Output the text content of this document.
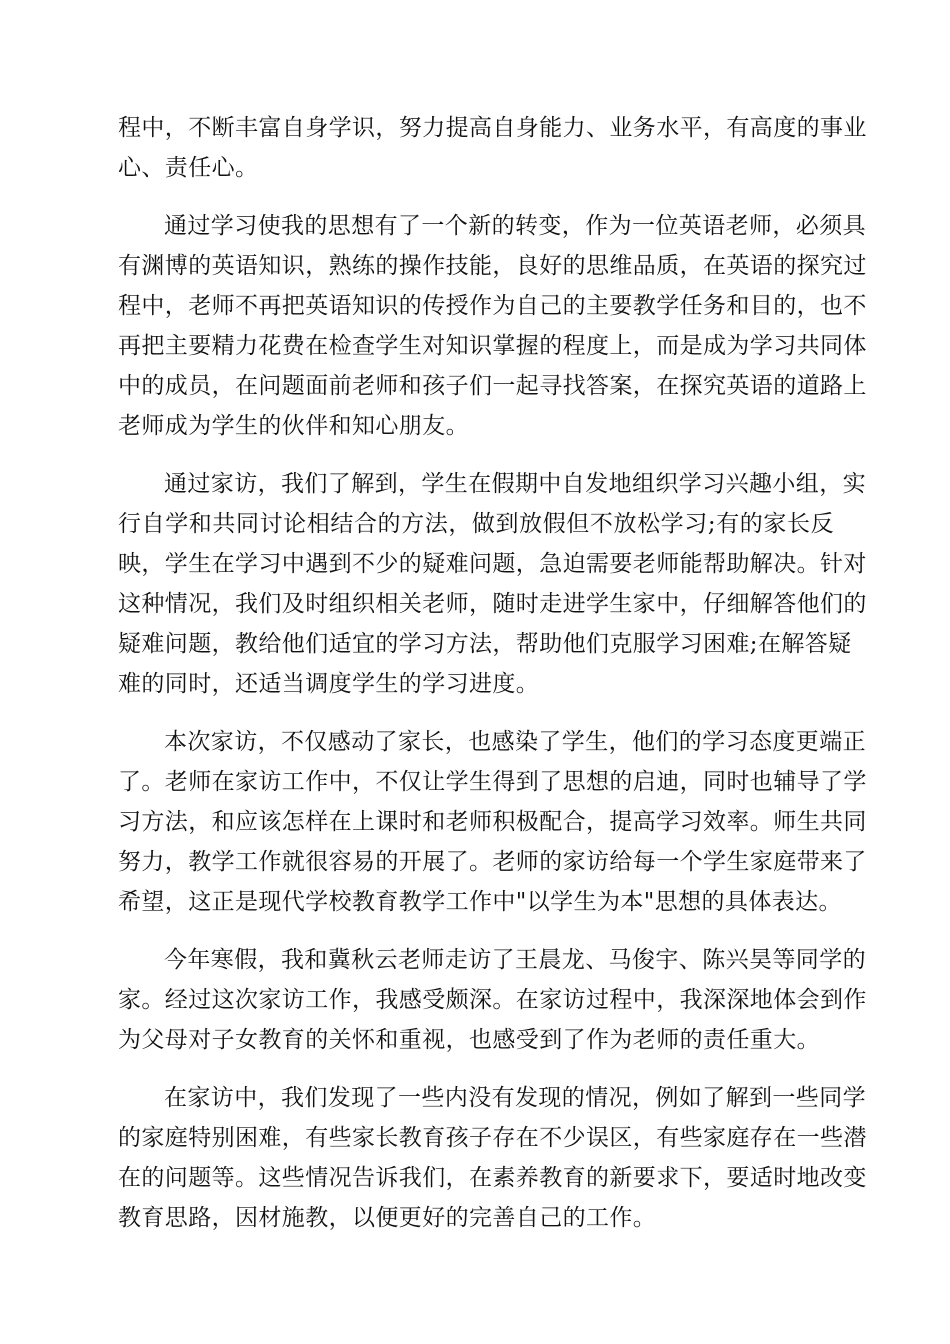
程中，不断丰富自身学识，努力提高自身能力、业务水平，有高度的事业
心、责任心。
通过学习使我的思想有了一个新的转变，作为一位英语老师，必须具
有渊博的英语知识，熟练的操作技能，良好的思维品质，在英语的探究过
程中，老师不再把英语知识的传授作为自己的主要教学任务和目的，也不
再把主要精力花费在检查学生对知识掌握的程度上，而是成为学习共同体
中的成员，在问题面前老师和孩子们一起寻找答案，在探究英语的道路上
老师成为学生的伙伴和知心朋友。
通过家访，我们了解到，学生在假期中自发地组织学习兴趣小组，实
行自学和共同讨论相结合的方法，做到放假但不放松学习;有的家长反
映，学生在学习中遇到不少的疑难问题，急迫需要老师能帮助解决。针对
这种情况，我们及时组织相关老师，随时走进学生家中，仔细解答他们的
疑难问题，教给他们适宜的学习方法，帮助他们克服学习困难;在解答疑
难的同时，还适当调度学生的学习进度。
本次家访，不仅感动了家长，也感染了学生，他们的学习态度更端正
了。老师在家访工作中，不仅让学生得到了思想的启迪，同时也辅导了学
习方法，和应该怎样在上课时和老师积极配合，提高学习效率。师生共同
努力，教学工作就很容易的开展了。老师的家访给每一个学生家庭带来了
希望，这正是现代学校教育教学工作中"以学生为本"思想的具体表达。
今年寒假，我和冀秋云老师走访了王晨龙、马俊宇、陈兴昊等同学的
家。经过这次家访工作，我感受颇深。在家访过程中，我深深地体会到作
为父母对子女教育的关怀和重视，也感受到了作为老师的责任重大。
在家访中，我们发现了一些内没有发现的情况，例如了解到一些同学
的家庭特别困难，有些家长教育孩子存在不少误区，有些家庭存在一些潜
在的问题等。这些情况告诉我们，在素养教育的新要求下，要适时地改变
教育思路，因材施教，以便更好的完善自己的工作。
